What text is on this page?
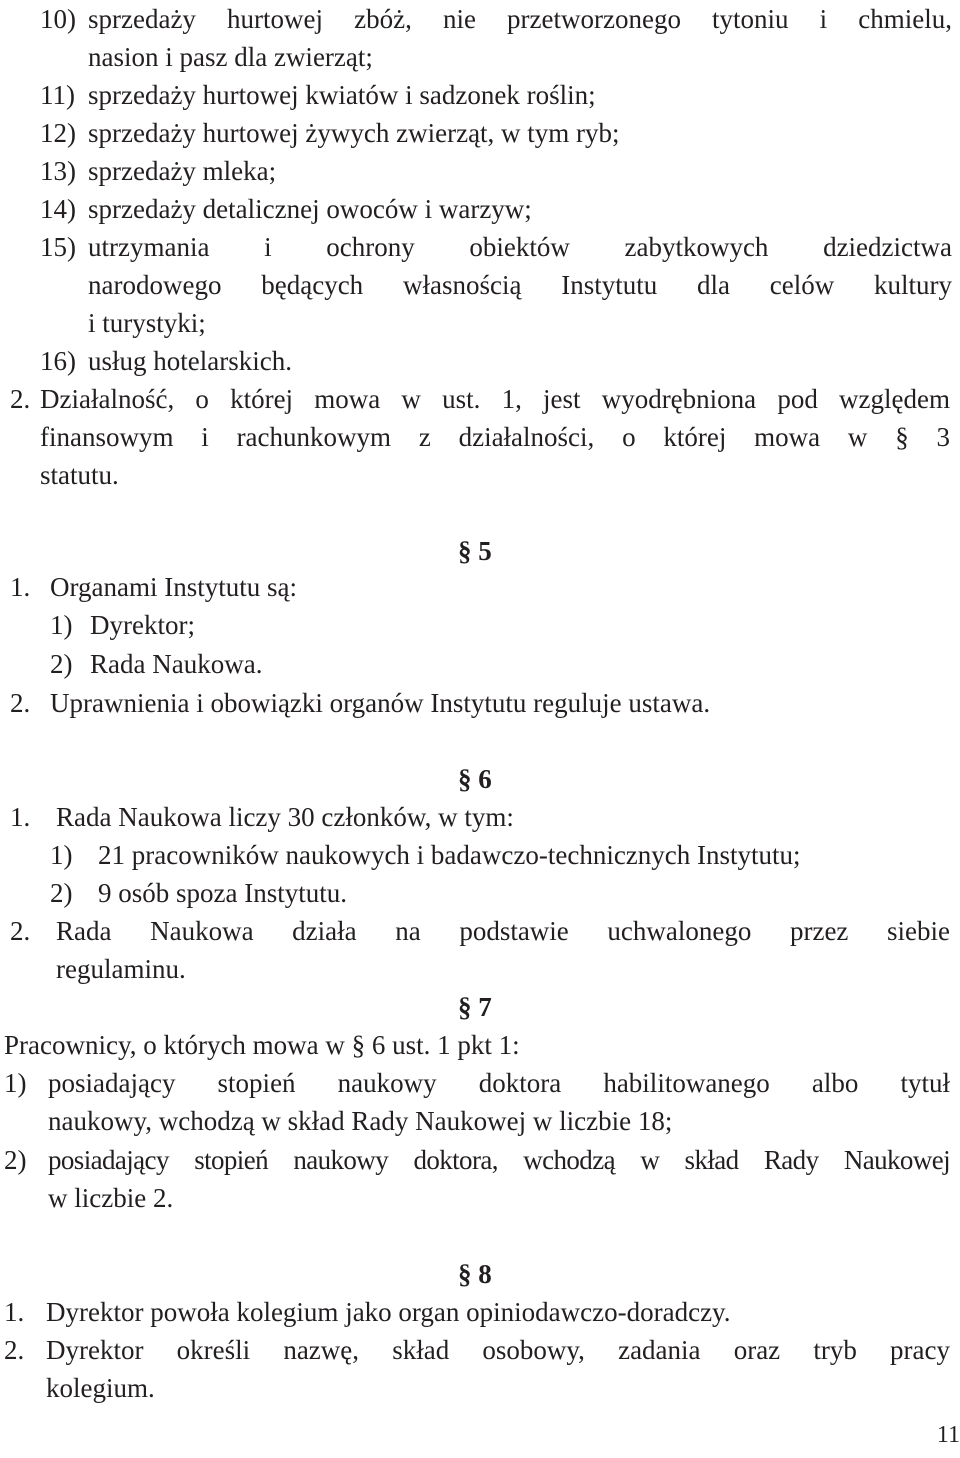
10) sprzedaży hurtowej zbóż, nie przetworzonego tytoniu i chmielu,
nasion i pasz dla zwierząt;
11) sprzedaży hurtowej kwiatów i sadzonek roślin;
12) sprzedaży hurtowej żywych zwierząt, w tym ryb;
13) sprzedaży mleka;
14) sprzedaży detalicznej owoców i warzyw;
15) utrzymania i ochrony obiektów zabytkowych dziedzictwa
narodowego będących własnością Instytutu dla celów kultury
i turystyki;
16) usług hotelarskich.
2. Działalność, o której mowa w ust. 1, jest wyodrębniona pod względem
finansowym i rachunkowym z działalności, o której mowa w § 3
statutu.
§ 5
1. Organami Instytutu są:
1) Dyrektor;
2) Rada Naukowa.
2. Uprawnienia i obowiązki organów Instytutu reguluje ustawa.
§ 6
1. Rada Naukowa liczy 30 członków, w tym:
1) 21 pracowników naukowych i badawczo-technicznych Instytutu;
2) 9 osób spoza Instytutu.
2. Rada Naukowa działa na podstawie uchwalonego przez siebie
regulaminu.
§ 7
Pracownicy, o których mowa w § 6 ust. 1 pkt 1:
1) posiadający stopień naukowy doktora habilitowanego albo tytuł
naukowy, wchodzą w skład Rady Naukowej w liczbie 18;
2) posiadający stopień naukowy doktora, wchodzą w skład Rady Naukowej
w liczbie 2.
§ 8
1. Dyrektor powoła kolegium jako organ opiniodawczo-doradczy.
2. Dyrektor określi nazwę, skład osobowy, zadania oraz tryb pracy
kolegium.
11
